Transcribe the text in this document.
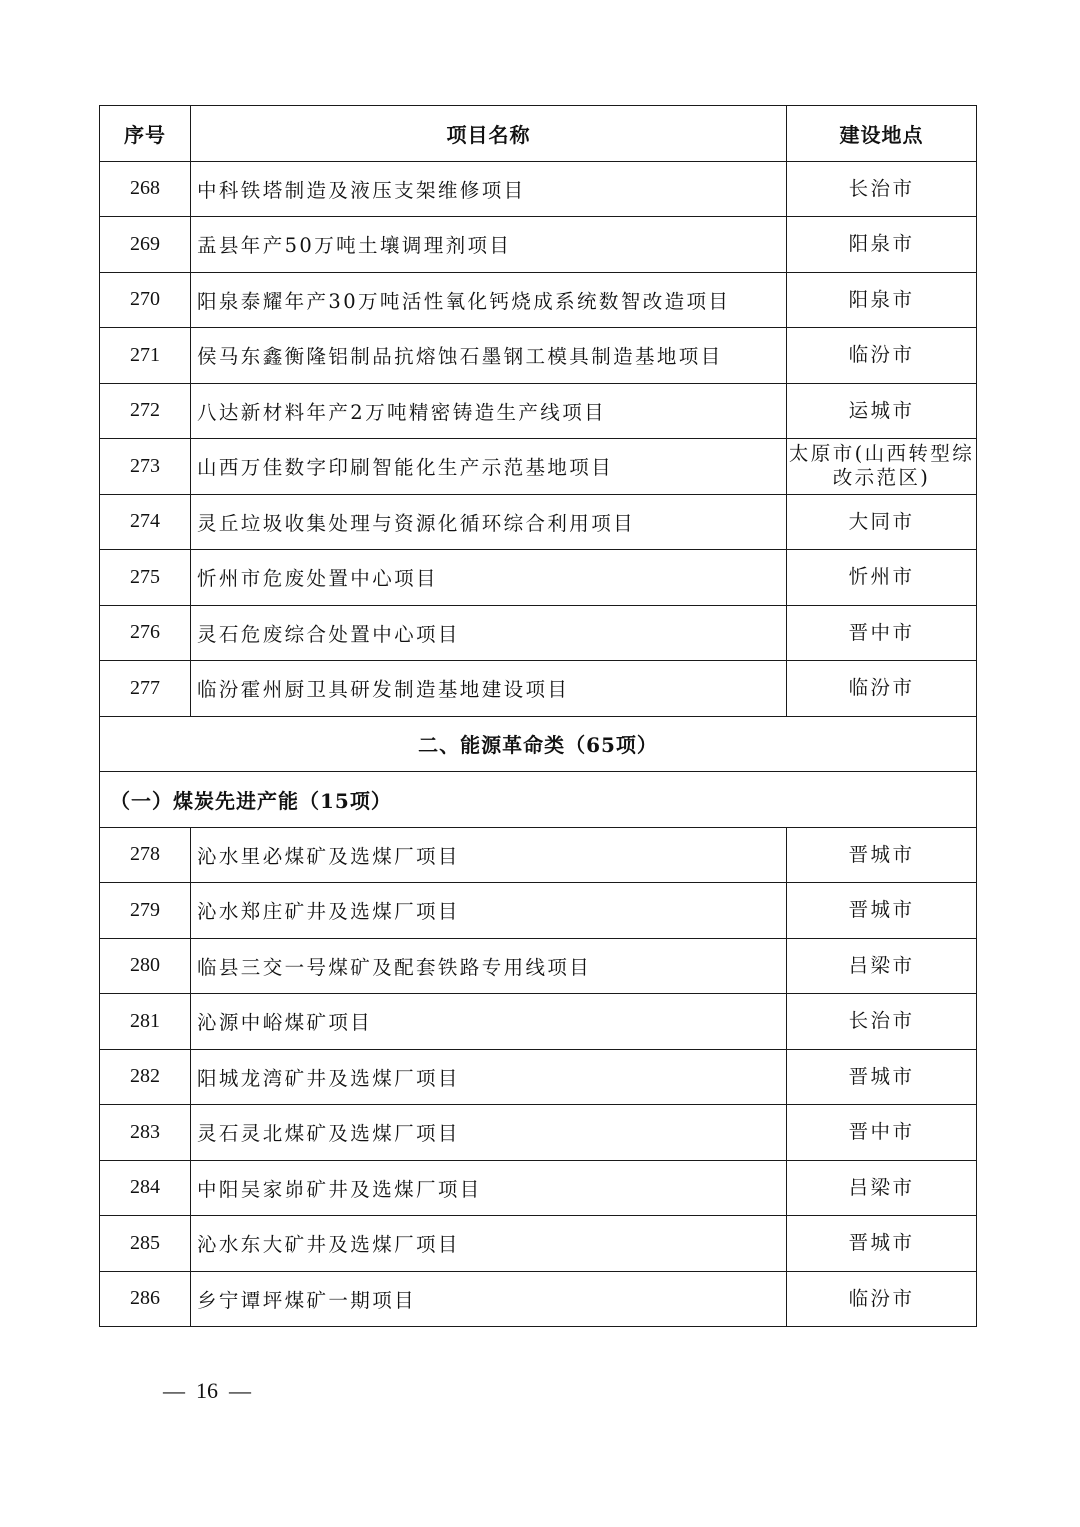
序号	项目名称	建设地点
268	中科铁塔制造及液压支架维修项目	长治市
269	盂县年产50万吨土壤调理剂项目	阳泉市
270	阳泉泰耀年产30万吨活性氧化钙烧成系统数智改造项目	阳泉市
271	侯马东鑫衡隆铝制品抗熔蚀石墨钢工模具制造基地项目	临汾市
272	八达新材料年产2万吨精密铸造生产线项目	运城市
273	山西万佳数字印刷智能化生产示范基地项目	太原市(山西转型综改示范区)
274	灵丘垃圾收集处理与资源化循环综合利用项目	大同市
275	忻州市危废处置中心项目	忻州市
276	灵石危废综合处置中心项目	晋中市
277	临汾霍州厨卫具研发制造基地建设项目	临汾市
二、能源革命类（65项）		
（一）煤炭先进产能（15项）		
278	沁水里必煤矿及选煤厂项目	晋城市
279	沁水郑庄矿井及选煤厂项目	晋城市
280	临县三交一号煤矿及配套铁路专用线项目	吕梁市
281	沁源中峪煤矿项目	长治市
282	阳城龙湾矿井及选煤厂项目	晋城市
283	灵石灵北煤矿及选煤厂项目	晋中市
284	中阳吴家峁矿井及选煤厂项目	吕梁市
285	沁水东大矿井及选煤厂项目	晋城市
286	乡宁谭坪煤矿一期项目	临汾市
—  16  —
